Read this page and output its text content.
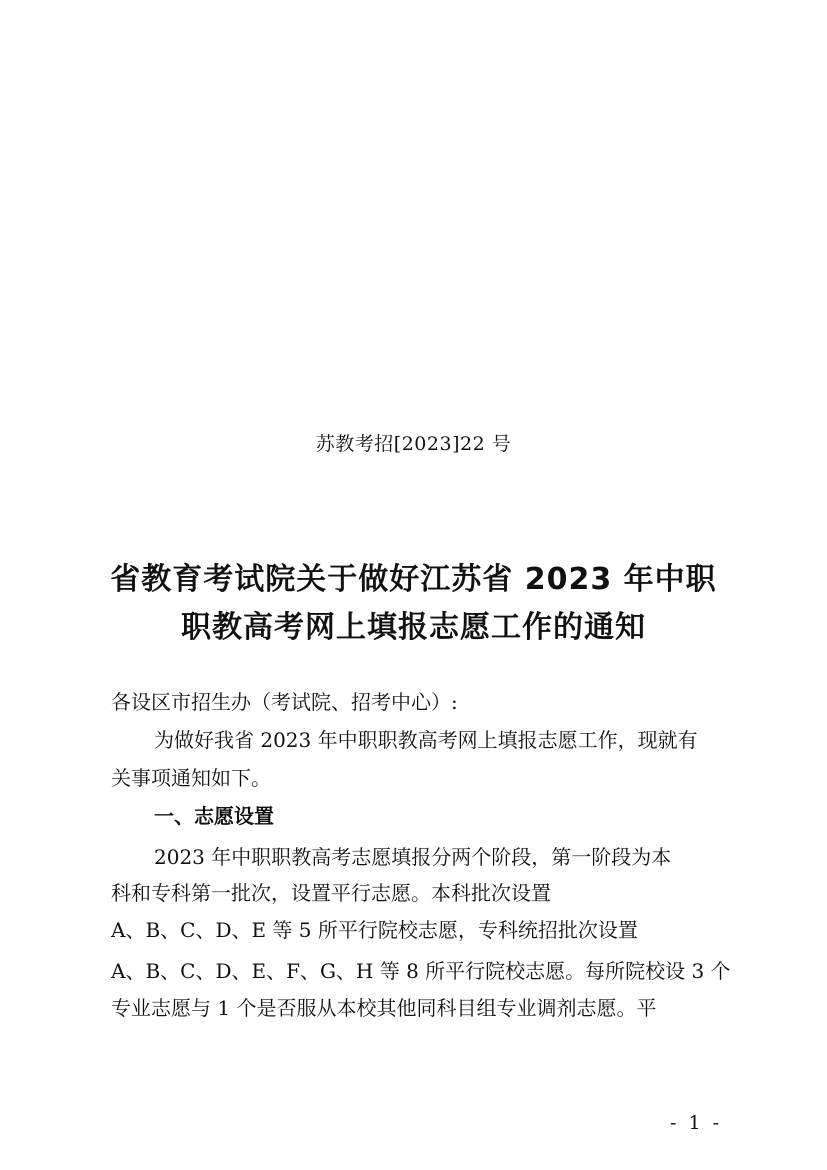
苏教考招[2023]22 号
省教育考试院关于做好江苏省 2023 年中职
职教高考网上填报志愿工作的通知
各设区市招生办（考试院、招考中心）:
为做好我省 2023 年中职职教高考网上填报志愿工作，现就有
关事项通知如下。
一、志愿设置
2023 年中职职教高考志愿填报分两个阶段，第一阶段为本
科和专科第一批次，设置平行志愿。本科批次设置
A、B、C、D、E 等 5 所平行院校志愿，专科统招批次设置
A、B、C、D、E、F、G、H 等 8 所平行院校志愿。每所院校设 3 个
专业志愿与 1 个是否服从本校其他同科目组专业调剂志愿。平
- 1 -
